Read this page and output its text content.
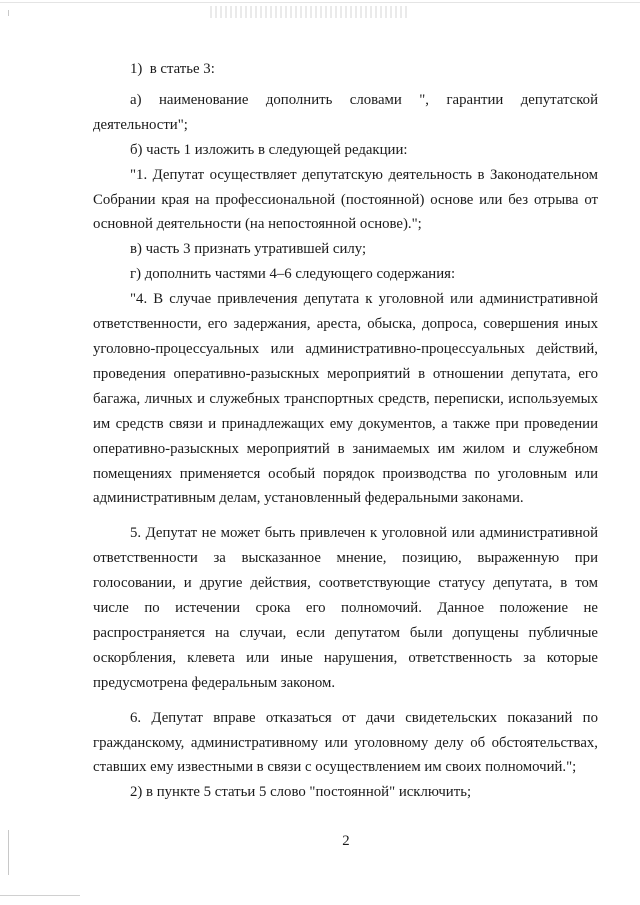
1)  в статье 3:

а) наименование дополнить словами ", гарантии депутатской деятельности";

б) часть 1 изложить в следующей редакции:

"1. Депутат осуществляет депутатскую деятельность в Законодательном Собрании края на профессиональной (постоянной) основе или без отрыва от основной деятельности (на непостоянной основе).";

в) часть 3 признать утратившей силу;

г) дополнить частями 4–6 следующего содержания:

"4. В случае привлечения депутата к уголовной или административной ответственности, его задержания, ареста, обыска, допроса, совершения иных уголовно-процессуальных или административно-процессуальных действий, проведения оперативно-разыскных мероприятий в отношении депутата, его багажа, личных и служебных транспортных средств, переписки, используемых им средств связи и принадлежащих ему документов, а также при проведении оперативно-разыскных мероприятий в занимаемых им жилом и служебном помещениях применяется особый порядок производства по уголовным или административным делам, установленный федеральными законами.

5. Депутат не может быть привлечен к уголовной или административной ответственности за высказанное мнение, позицию, выраженную при голосовании, и другие действия, соответствующие статусу депутата, в том числе по истечении срока его полномочий. Данное положение не распространяется на случаи, если депутатом были допущены публичные оскорбления, клевета или иные нарушения, ответственность за которые предусмотрена федеральным законом.

6. Депутат вправе отказаться от дачи свидетельских показаний по гражданскому, административному или уголовному делу об обстоятельствах, ставших ему известными в связи с осуществлением им своих полномочий.";

2) в пункте 5 статьи 5 слово "постоянной" исключить;

2
